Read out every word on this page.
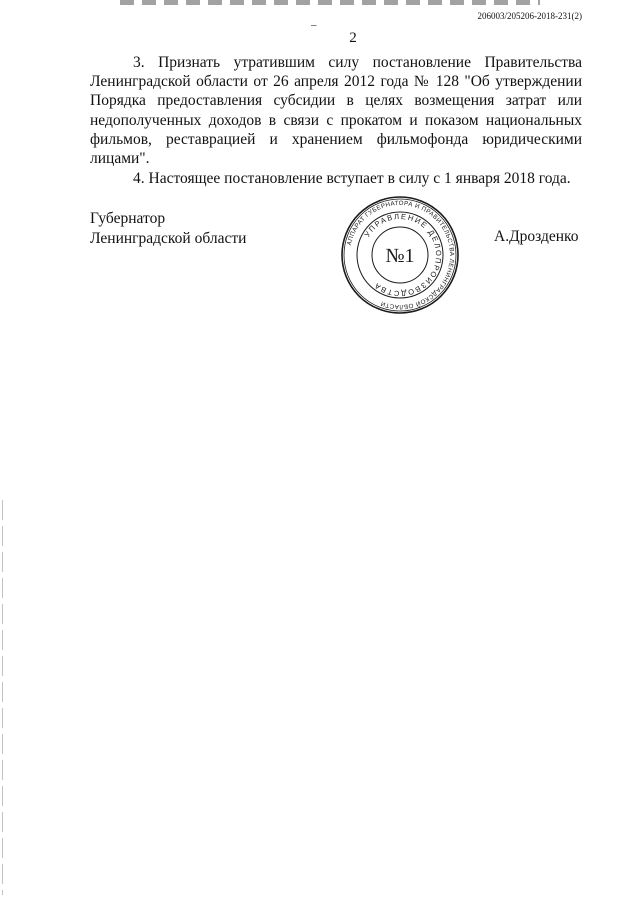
206003/205206-2018-231(2)
–
2

3. Признать утратившим силу постановление Правительства Ленинградской области от 26 апреля 2012 года № 128 "Об утверждении Порядка предоставления субсидии в целях возмещения затрат или недополученных доходов в связи с прокатом и показом национальных фильмов, реставрацией и хранением фильмофонда юридическими лицами".

4. Настоящее постановление вступает в силу с 1 января 2018 года.

Губернатор
Ленинградской области	А.Дрозденко
АППАРАТ ГУБЕРНАТОРА И ПРАВИТЕЛЬСТВА ЛЕНИНГРАДСКОЙ ОБЛАСТИ
УПРАВЛЕНИЕ ДЕЛОПРОИЗВОДСТВА
№1
